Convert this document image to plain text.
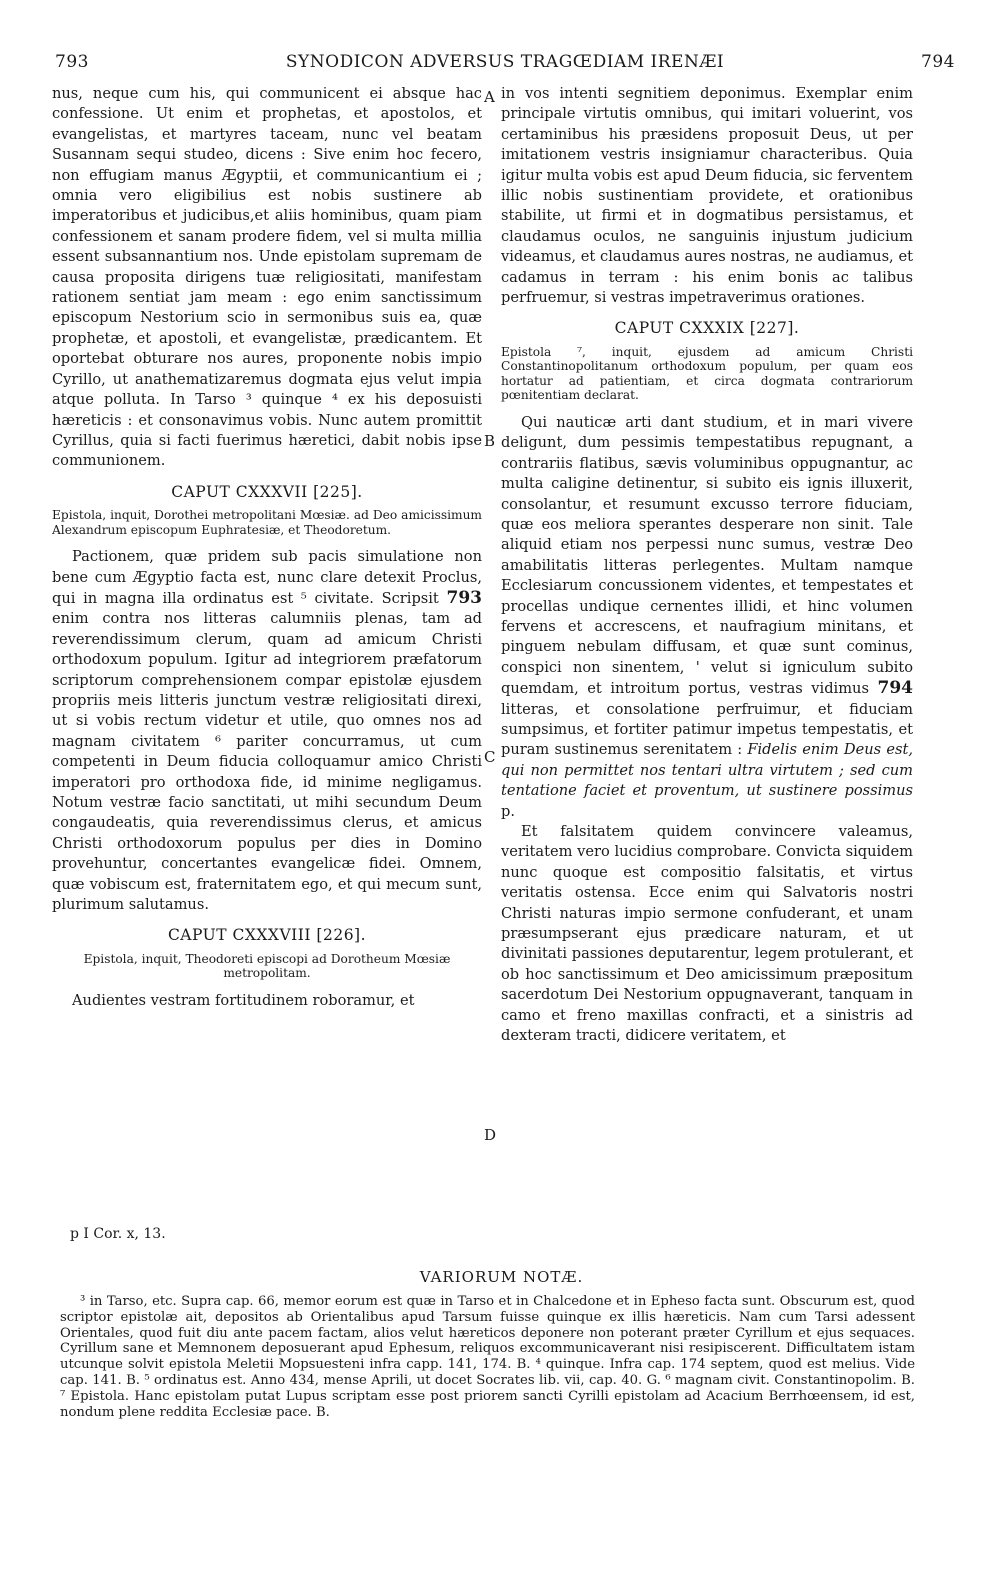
793	SYNODICON ADVERSUS TRAGŒDIAM IRENÆI	794

nus, neque cum his, qui communicent ei absque hac confessione. Ut enim et prophetas, et apostolos, et evangelistas, et martyres taceam, nunc vel beatam Susannam sequi studeo, dicens : Sive enim hoc fecero, non effugiam manus Ægyptii, et communicantium ei ; omnia vero eligibilius est nobis sustinere ab imperatoribus et judicibus,et aliis hominibus, quam piam confessionem et sanam prodere fidem, vel si multa millia essent subsannantium nos. Unde epistolam supremam de causa proposita dirigens tuæ religiositati, manifestam rationem sentiat jam meam : ego enim sanctissimum episcopum Nestorium scio in sermonibus suis ea, quæ prophetæ, et apostoli, et evangelistæ, prædicantem. Et oportebat obturare nos aures, proponente nobis impio Cyrillo, ut anathematizaremus dogmata ejus velut impia atque polluta. In Tarso ³ quinque ⁴ ex his deposuisti hæreticis : et consonavimus vobis. Nunc autem promittit Cyrillus, quia si facti fuerimus hæretici, dabit nobis ipse communionem.

CAPUT CXXXVII [225].
Epistola, inquit, Dorothei metropolitani Mœsiæ. ad Deo amicissimum Alexandrum episcopum Euphratesiæ, et Theodoretum.

Pactionem, quæ pridem sub pacis simulatione non bene cum Ægyptio facta est, nunc clare detexit Proclus, qui in magna illa ordinatus est ⁵ civitate. Scripsit 793 enim contra nos litteras calumniis plenas, tam ad reverendissimum clerum, quam ad amicum Christi orthodoxum populum. Igitur ad integriorem præfatorum scriptorum comprehensionem compar epistolæ ejusdem propriis meis litteris junctum vestræ religiositati direxi, ut si vobis rectum videtur et utile, quo omnes nos ad magnam civitatem ⁶ pariter concurramus, ut cum competenti in Deum fiducia colloquamur amico Christi imperatori pro orthodoxa fide, id minime negligamus. Notum vestræ facio sanctitati, ut mihi secundum Deum congaudeatis, quia reverendissimus clerus, et amicus Christi orthodoxorum populus per dies in Domino provehuntur, concertantes evangelicæ fidei. Omnem, quæ vobiscum est, fraternitatem ego, et qui mecum sunt, plurimum salutamus.

CAPUT CXXXVIII [226].
Epistola, inquit, Theodoreti episcopi ad Dorotheum Mœsiæ metropolitam.

Audientes vestram fortitudinem roboramur, et

in vos intenti segnitiem deponimus. Exemplar enim principale virtutis omnibus, qui imitari voluerint, vos certaminibus his præsidens proposuit Deus, ut per imitationem vestris insigniamur characteribus. Quia igitur multa vobis est apud Deum fiducia, sic ferventem illic nobis sustinentiam providete, et orationibus stabilite, ut firmi et in dogmatibus persistamus, et claudamus oculos, ne sanguinis injustum judicium videamus, et claudamus aures nostras, ne audiamus, et cadamus in terram : his enim bonis ac talibus perfruemur, si vestras impetraverimus orationes.

CAPUT CXXXIX [227].
Epistola ⁷, inquit, ejusdem ad amicum Christi Constantinopolitanum orthodoxum populum, per quam eos hortatur ad patientiam, et circa dogmata contrariorum pœnitentiam declarat.

Qui nauticæ arti dant studium, et in mari vivere deligunt, dum pessimis tempestatibus repugnant, a contrariis flatibus, sævis voluminibus oppugnantur, ac multa caligine detinentur, si subito eis ignis illuxerit, consolantur, et resumunt excusso terrore fiduciam, quæ eos meliora sperantes desperare non sinit. Tale aliquid etiam nos perpessi nunc sumus, vestræ Deo amabilitatis litteras perlegentes. Multam namque Ecclesiarum concussionem videntes, et tempestates et procellas undique cernentes illidi, et hinc volumen fervens et accrescens, et naufragium minitans, et pinguem nebulam diffusam, et quæ sunt cominus, conspici non sinentem, ' velut si igniculum subito quemdam, et introitum portus, vestras vidimus 794 litteras, et consolatione perfruimur, et fiduciam sumpsimus, et fortiter patimur impetus tempestatis, et puram sustinemus serenitatem : Fidelis enim Deus est, qui non permittet nos tentari ultra virtutem ; sed cum tentatione faciet et proventum, ut sustinere possimus p.

Et falsitatem quidem convincere valeamus, veritatem vero lucidius comprobare. Convicta siquidem nunc quoque est compositio falsitatis, et virtus veritatis ostensa. Ecce enim qui Salvatoris nostri Christi naturas impio sermone confuderant, et unam præsumpserant ejus prædicare naturam, et ut divinitati passiones deputarentur, legem protulerant, et ob hoc sanctissimum et Deo amicissimum præpositum sacerdotum Dei Nestorium oppugnaverant, tanquam in camo et freno maxillas confracti, et a sinistris ad dexteram tracti, didicere veritatem, et

A
B
C
D
p I Cor. x, 13.
VARIORUM NOTÆ.

³ in Tarso, etc. Supra cap. 66, memor eorum est quæ in Tarso et in Chalcedone et in Epheso facta sunt. Obscurum est, quod scriptor epistolæ ait, depositos ab Orientalibus apud Tarsum fuisse quinque ex illis hæreticis. Nam cum Tarsi adessent Orientales, quod fuit diu ante pacem factam, alios velut hæreticos deponere non poterant præter Cyrillum et ejus sequaces. Cyrillum sane et Memnonem deposuerant apud Ephesum, reliquos excommunicaverant nisi resipiscerent. Difficultatem istam utcunque solvit epistola Meletii Mopsuesteni infra capp. 141, 174. B. ⁴ quinque. Infra cap. 174 septem, quod est melius. Vide cap. 141. B. ⁵ ordinatus est. Anno 434, mense Aprili, ut docet Socrates lib. vii, cap. 40. G. ⁶ magnam civit. Constantinopolim. B. ⁷ Epistola. Hanc epistolam putat Lupus scriptam esse post priorem sancti Cyrilli epistolam ad Acacium Berrhœensem, id est, nondum plene reddita Ecclesiæ pace. B.
